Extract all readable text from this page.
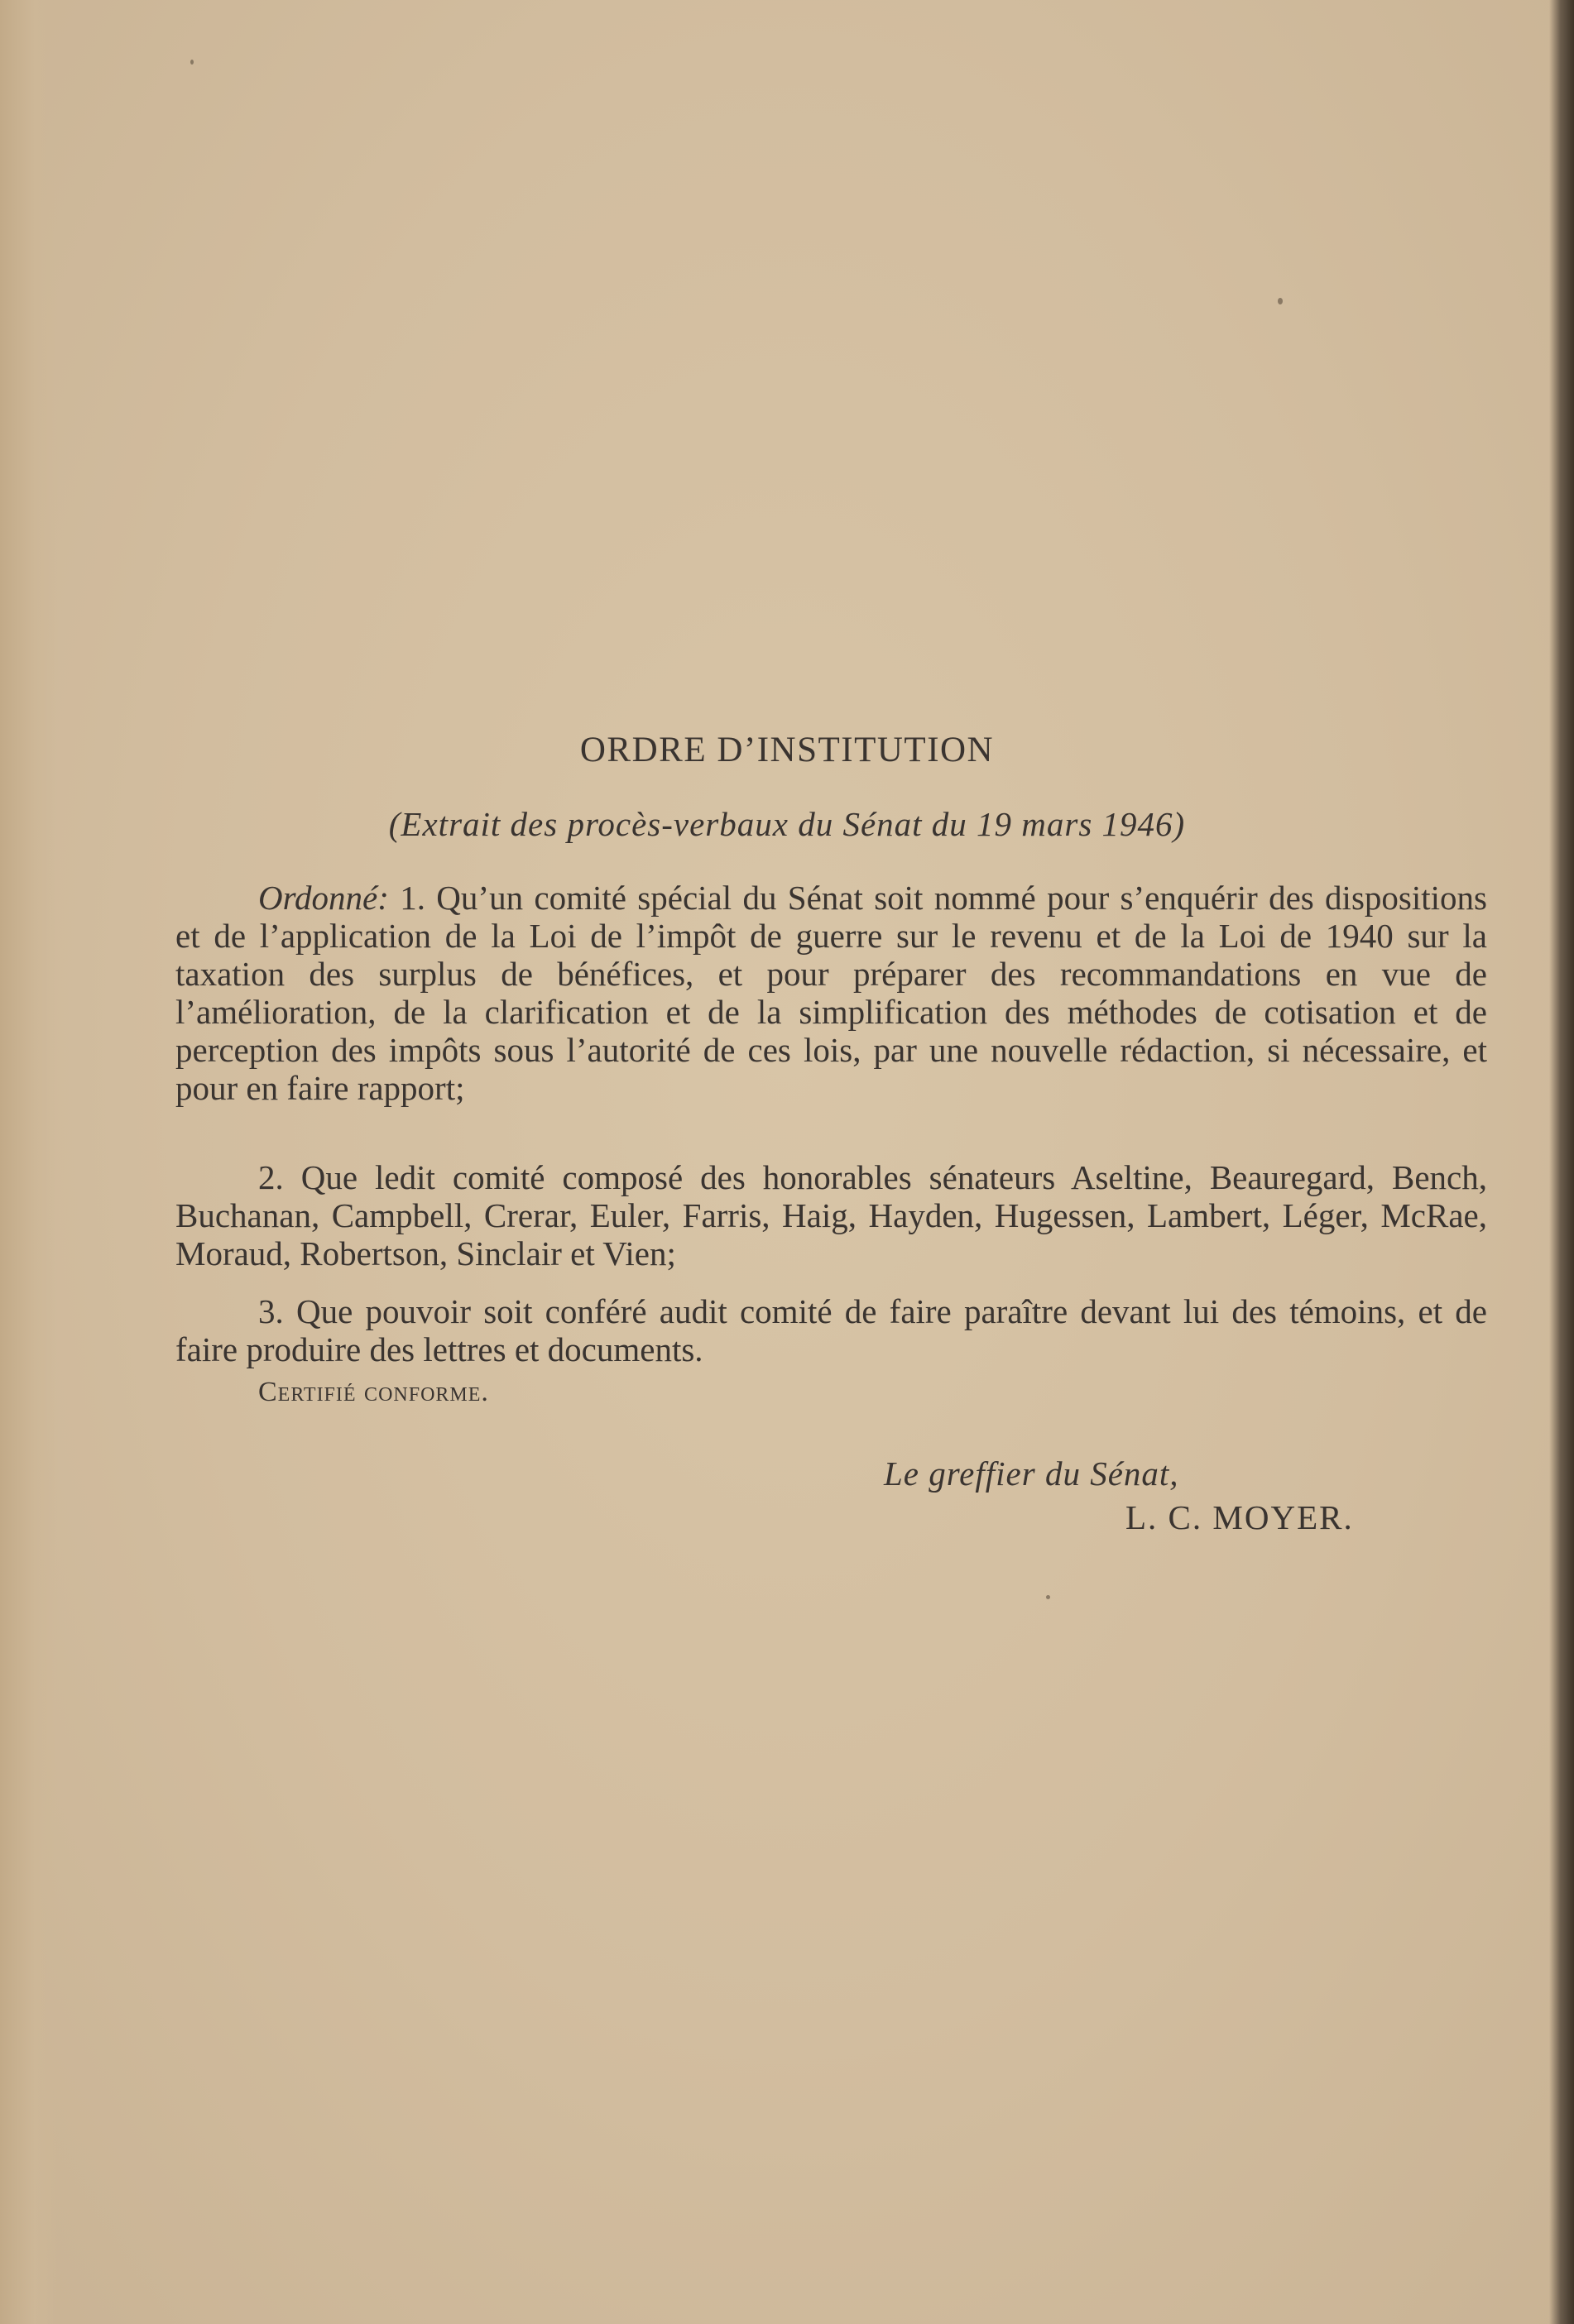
ORDRE D’INSTITUTION
(Extrait des procès-verbaux du Sénat du 19 mars 1946)

Ordonné: 1. Qu’un comité spécial du Sénat soit nommé pour s’enquérir des dispositions et de l’application de la Loi de l’impôt de guerre sur le revenu et de la Loi de 1940 sur la taxation des surplus de bénéfices, et pour préparer des recommandations en vue de l’amélioration, de la clarification et de la simplification des méthodes de cotisation et de perception des impôts sous l’autorité de ces lois, par une nouvelle rédaction, si nécessaire, et pour en faire rapport;

2. Que ledit comité composé des honorables sénateurs Aseltine, Beauregard, Bench, Buchanan, Campbell, Crerar, Euler, Farris, Haig, Hayden, Hugessen, Lambert, Léger, McRae, Moraud, Robertson, Sinclair et Vien;

3. Que pouvoir soit conféré audit comité de faire paraître devant lui des témoins, et de faire produire des lettres et documents.

Certifié conforme.
Le greffier du Sénat,
L. C. MOYER.
